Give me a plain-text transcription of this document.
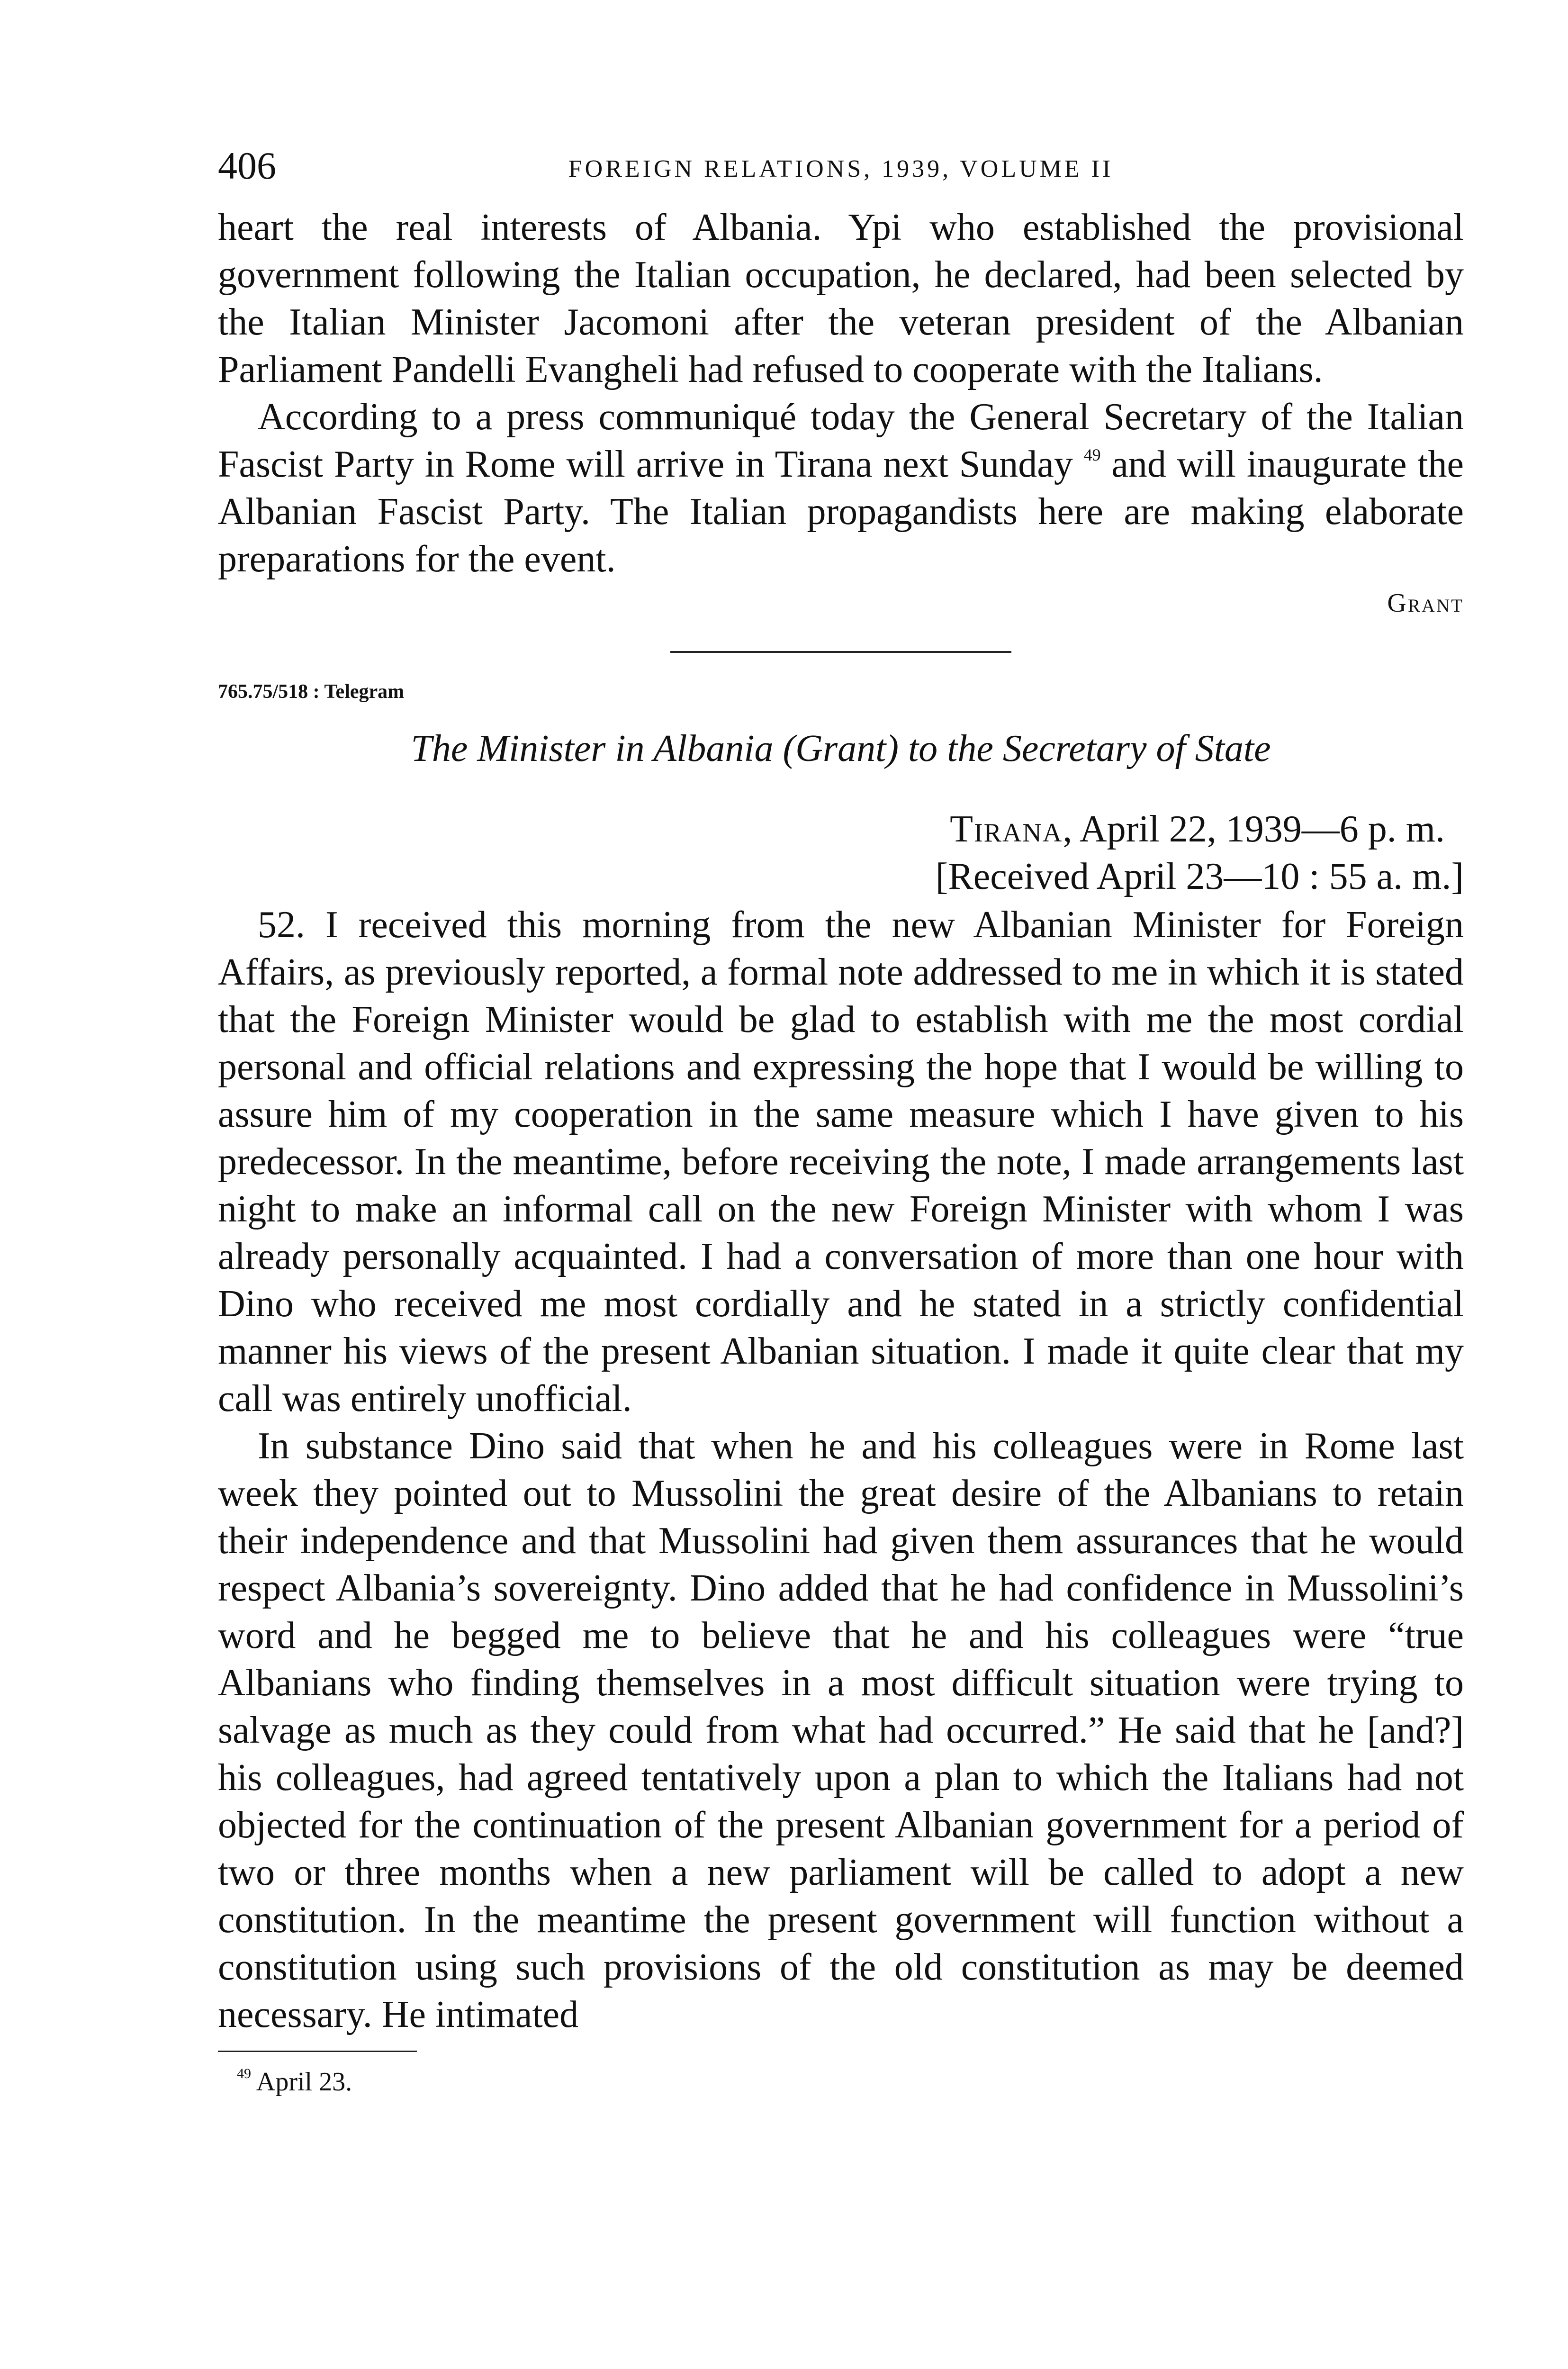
406	FOREIGN RELATIONS, 1939, VOLUME II

heart the real interests of Albania. Ypi who established the provisional government following the Italian occupation, he declared, had been selected by the Italian Minister Jacomoni after the veteran president of the Albanian Parliament Pandelli Evangheli had refused to cooperate with the Italians.

According to a press communiqué today the General Secretary of the Italian Fascist Party in Rome will arrive in Tirana next Sunday $^{49}$ and will inaugurate the Albanian Fascist Party. The Italian propagandists here are making elaborate preparations for the event.

Grant
765.75/518 : Telegram
The Minister in Albania (Grant) to the Secretary of State
Tirana, April 22, 1939—6 p. m.
[Received April 23—10 : 55 a. m.]

52. I received this morning from the new Albanian Minister for Foreign Affairs, as previously reported, a formal note addressed to me in which it is stated that the Foreign Minister would be glad to establish with me the most cordial personal and official relations and expressing the hope that I would be willing to assure him of my cooperation in the same measure which I have given to his predecessor. In the meantime, before receiving the note, I made arrangements last night to make an informal call on the new Foreign Minister with whom I was already personally acquainted. I had a conversation of more than one hour with Dino who received me most cordially and he stated in a strictly confidential manner his views of the present Albanian situation. I made it quite clear that my call was entirely unofficial.

In substance Dino said that when he and his colleagues were in Rome last week they pointed out to Mussolini the great desire of the Albanians to retain their independence and that Mussolini had given them assurances that he would respect Albania’s sovereignty. Dino added that he had confidence in Mussolini’s word and he begged me to believe that he and his colleagues were “true Albanians who finding themselves in a most difficult situation were trying to salvage as much as they could from what had occurred.” He said that he [and?] his colleagues, had agreed tentatively upon a plan to which the Italians had not objected for the continuation of the present Albanian government for a period of two or three months when a new parliament will be called to adopt a new constitution. In the meantime the present government will function without a constitution using such provisions of the old constitution as may be deemed necessary. He intimated

$^{49}$ April 23.
